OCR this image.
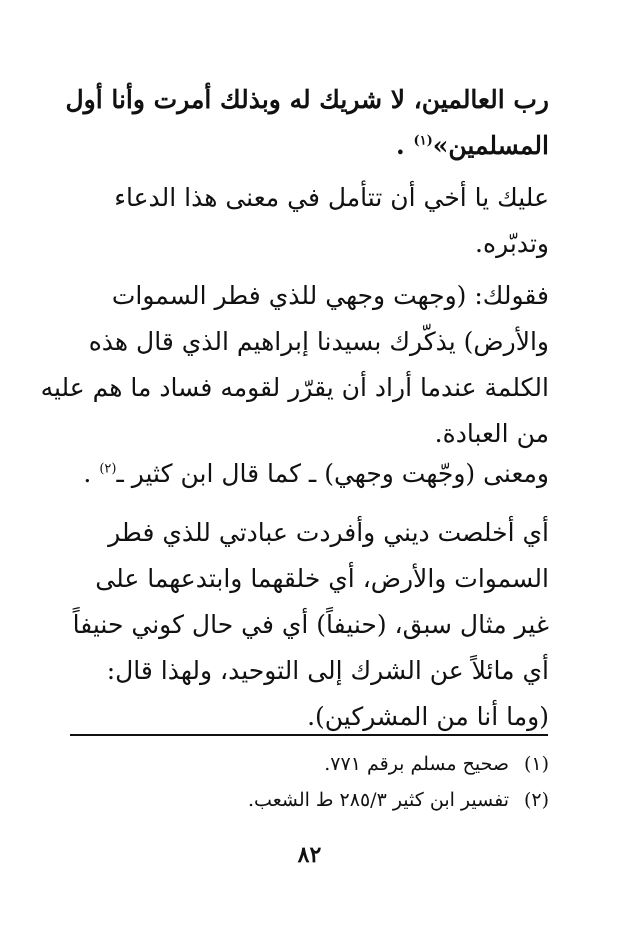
رب العالمين، لا شريك له وبذلك أمرت وأنا أول
المسلمين»$^{(١)}$ .
عليك يا أخي أن تتأمل في معنى هذا الدعاء
وتدبّره.
فقولك: (وجهت وجهي للذي فطر السموات
والأرض) يذكّرك بسيدنا إبراهيم الذي قال هذه
الكلمة عندما أراد أن يقرّر لقومه فساد ما هم عليه
من العبادة.
ومعنى (وجّهت وجهي) ـ كما قال ابن كثير ـ$^{(٢)}$ .
أي أخلصت ديني وأفردت عبادتي للذي فطر
السموات والأرض، أي خلقهما وابتدعهما على
غير مثال سبق، (حنيفاً) أي في حال كوني حنيفاً
أي مائلاً عن الشرك إلى التوحيد، ولهذا قال:
(وما أنا من المشركين).
(١)صحيح مسلم برقم ٧٧١.
(٢)تفسير ابن كثير ٢٨٥/٣ ط الشعب.
٨٢
